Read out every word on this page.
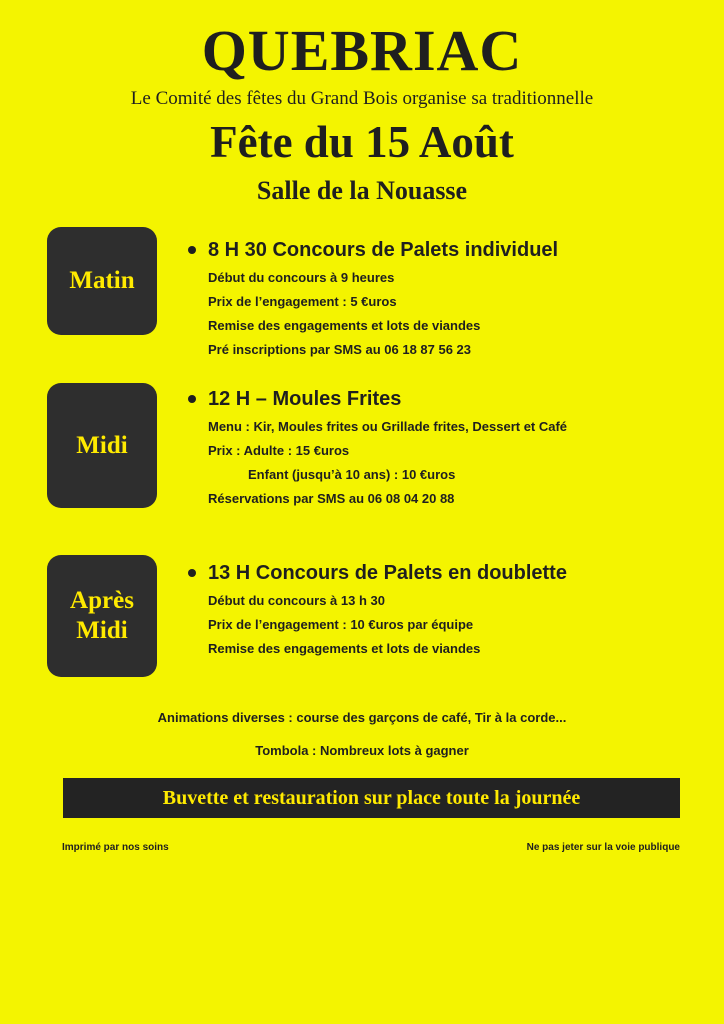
QUEBRIAC
Le Comité des fêtes du Grand Bois organise sa traditionnelle
Fête du 15 Août
Salle de la Nouasse
Matin
8 H 30 Concours de Palets individuel
Début du concours à 9 heures
Prix de l’engagement : 5 €uros
Remise des engagements et lots de viandes
Pré inscriptions par SMS au 06 18 87 56 23
Midi
12 H – Moules Frites
Menu : Kir, Moules frites ou Grillade frites, Dessert et Café
Prix : Adulte : 15 €uros
Enfant (jusqu’à 10 ans) : 10 €uros
Réservations par SMS au 06 08 04 20 88
Après
Midi
13 H Concours de Palets en doublette
Début du concours à 13 h 30
Prix de l’engagement : 10 €uros par équipe
Remise des engagements et lots de viandes
Animations diverses : course des garçons de café, Tir à la corde...
Tombola : Nombreux lots à gagner
Buvette et restauration sur place toute la journée
Imprimé par nos soins	Ne pas jeter sur la voie publique
